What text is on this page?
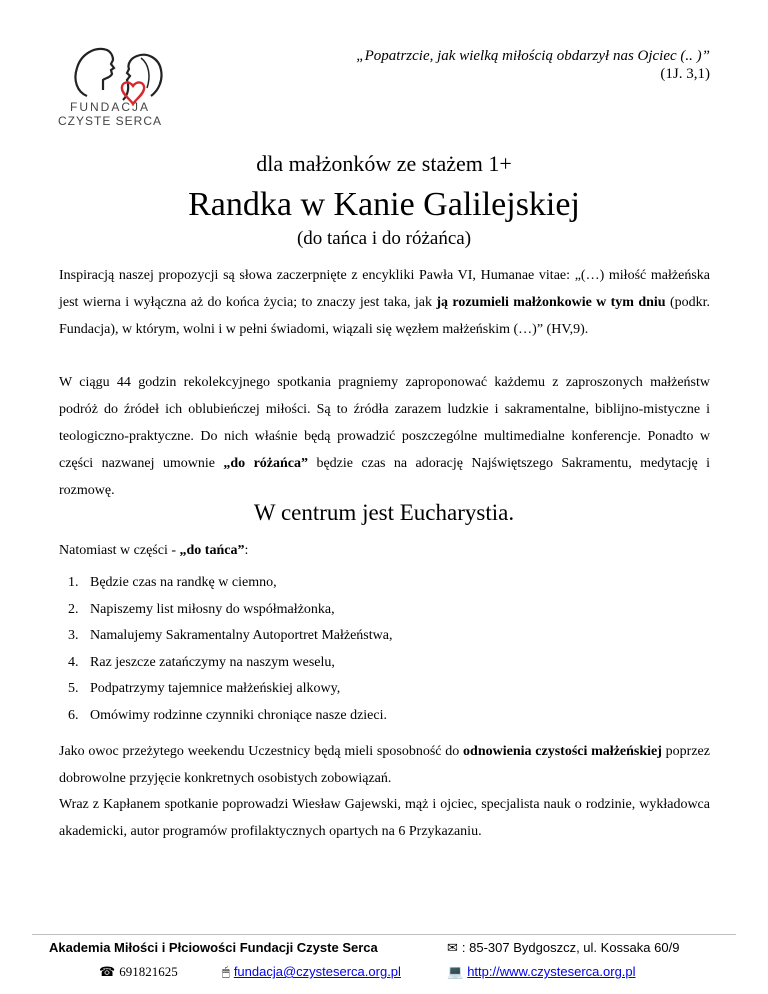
FUNDACJA
CZYSTE SERCA
„Popatrzcie, jak wielką miłością obdarzył nas Ojciec (.. )”
(1J. 3,1)
dla małżonków ze stażem 1+
Randka w Kanie Galilejskiej
(do tańca i do różańca)
Inspiracją naszej propozycji są słowa zaczerpnięte z encykliki Pawła VI, Humanae vitae: „(…) miłość małżeńska jest wierna i wyłączna aż do końca życia; to znaczy jest taka, jak ją rozumieli małżonkowie w tym dniu (podkr. Fundacja), w którym, wolni i w pełni świadomi, wiązali się węzłem małżeńskim (…)” (HV,9).
W ciągu 44 godzin rekolekcyjnego spotkania pragniemy zaproponować każdemu z zaproszonych małżeństw podróż do źródeł ich oblubieńczej miłości. Są to źródła zarazem ludzkie i sakramentalne, biblijno-mistyczne i teologiczno-praktyczne. Do nich właśnie będą prowadzić poszczególne multimedialne konferencje. Ponadto w części nazwanej umownie „do różańca” będzie czas na adorację Najświętszego Sakramentu, medytację i rozmowę.
W centrum jest Eucharystia.
Natomiast w części - „do tańca”:
1. Będzie czas na randkę w ciemno,
2. Napiszemy list miłosny do współmałżonka,
3. Namalujemy Sakramentalny Autoportret Małżeństwa,
4. Raz jeszcze zatańczymy na naszym weselu,
5. Podpatrzymy tajemnice małżeńskiej alkowy,
6. Omówimy rodzinne czynniki chroniące nasze dzieci.
Jako owoc przeżytego weekendu Uczestnicy będą mieli sposobność do odnowienia czystości małżeńskiej poprzez dobrowolne przyjęcie konkretnych osobistych zobowiązań.
Wraz z Kapłanem spotkanie poprowadzi Wiesław Gajewski, mąż i ojciec, specjalista nauk o rodzinie, wykładowca akademicki, autor programów profilaktycznych opartych na 6 Przykazaniu.
Akademia Miłości i Płciowości Fundacji Czyste Serca	✉ : 85-307 Bydgoszcz, ul. Kossaka 60/9
☎ 691821625	🖱 fundacja@czysteserca.org.pl	💻 http://www.czysteserca.org.pl
